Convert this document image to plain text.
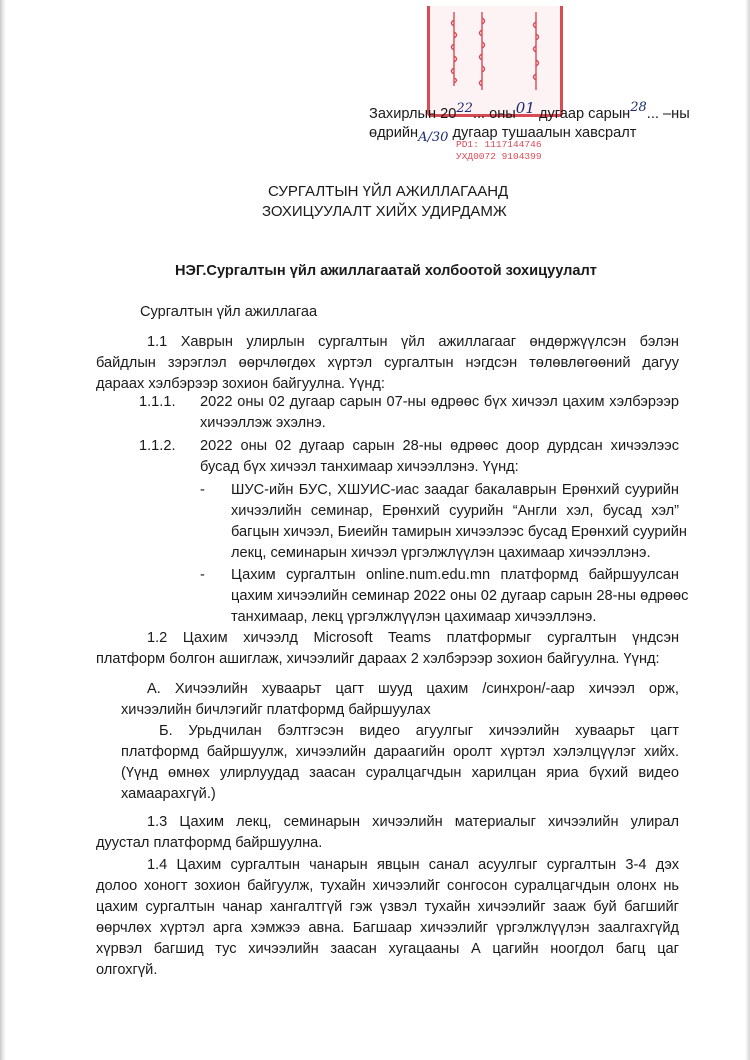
PD1: 1117144746
УХД0072 9104399
Захирлын 2022... оны01 дугаар сарын28... –ны
өдрийнA/30 дугаар тушаалын хавсралт
СУРГАЛТЫН ҮЙЛ АЖИЛЛАГААНД
ЗОХИЦУУЛАЛТ ХИЙХ УДИРДАМЖ
НЭГ.Сургалтын үйл ажиллагаатай холбоотой зохицуулалт
Сургалтын үйл ажиллагаа
1.1 Хаврын улирлын сургалтын үйл ажиллагааг өндөржүүлсэн бэлэн
байдлын зэрэглэл өөрчлөгдөх хүртэл сургалтын нэгдсэн төлөвлөгөөний дагуу
дараах хэлбэрээр зохион байгуулна. Үүнд:
1.1.1. 2022 оны 02 дугаар сарын 07-ны өдрөөс бүх хичээл цахим хэлбэрээр
хичээллэж эхэлнэ.
1.1.2. 2022 оны 02 дугаар сарын 28-ны өдрөөс доор дурдсан хичээлээс
бусад бүх хичээл танхимаар хичээллэнэ. Үүнд:
- ШУС-ийн БУС, ХШУИС-иас заадаг бакалаврын Ерөнхий суурийн
хичээлийн семинар, Ерөнхий суурийн “Англи хэл, бусад хэл”
багцын хичээл, Биеийн тамирын хичээлээс бусад Ерөнхий суурийн
лекц, семинарын хичээл үргэлжлүүлэн цахимаар хичээллэнэ.
- Цахим сургалтын online.num.edu.mn платформд байршуулсан
цахим хичээлийн семинар 2022 оны 02 дугаар сарын 28-ны өдрөөс
танхимаар, лекц үргэлжлүүлэн цахимаар хичээллэнэ.
1.2 Цахим хичээлд Microsoft Teams платформыг сургалтын үндсэн
платформ болгон ашиглаж, хичээлийг дараах 2 хэлбэрээр зохион байгуулна. Үүнд:
A. Хичээлийн хуваарьт цагт шууд цахим /синхрон/-аар хичээл орж,
хичээлийн бичлэгийг платформд байршуулах
Б. Урьдчилан бэлтгэсэн видео агуулгыг хичээлийн хуваарьт цагт
платформд байршуулж, хичээлийн дараагийн оролт хүртэл хэлэлцүүлэг хийх.
(Үүнд өмнөх улирлуудад заасан суралцагчдын харилцан яриа бүхий видео
хамаарахгүй.)
1.3 Цахим лекц, семинарын хичээлийн материалыг хичээлийн улирал
дуустал платформд байршуулна.
1.4 Цахим сургалтын чанарын явцын санал асуулгыг сургалтын 3-4 дэх
долоо хоногт зохион байгуулж, тухайн хичээлийг сонгосон суралцагчдын олонх нь
цахим сургалтын чанар хангалтгүй гэж үзвэл тухайн хичээлийг зааж буй багшийг
өөрчлөх хүртэл арга хэмжээ авна. Багшаар хичээлийг үргэлжлүүлэн заалгахгүйд
хүрвэл багшид тус хичээлийн заасан хугацааны А цагийн ноогдол багц цаг
олгохгүй.
